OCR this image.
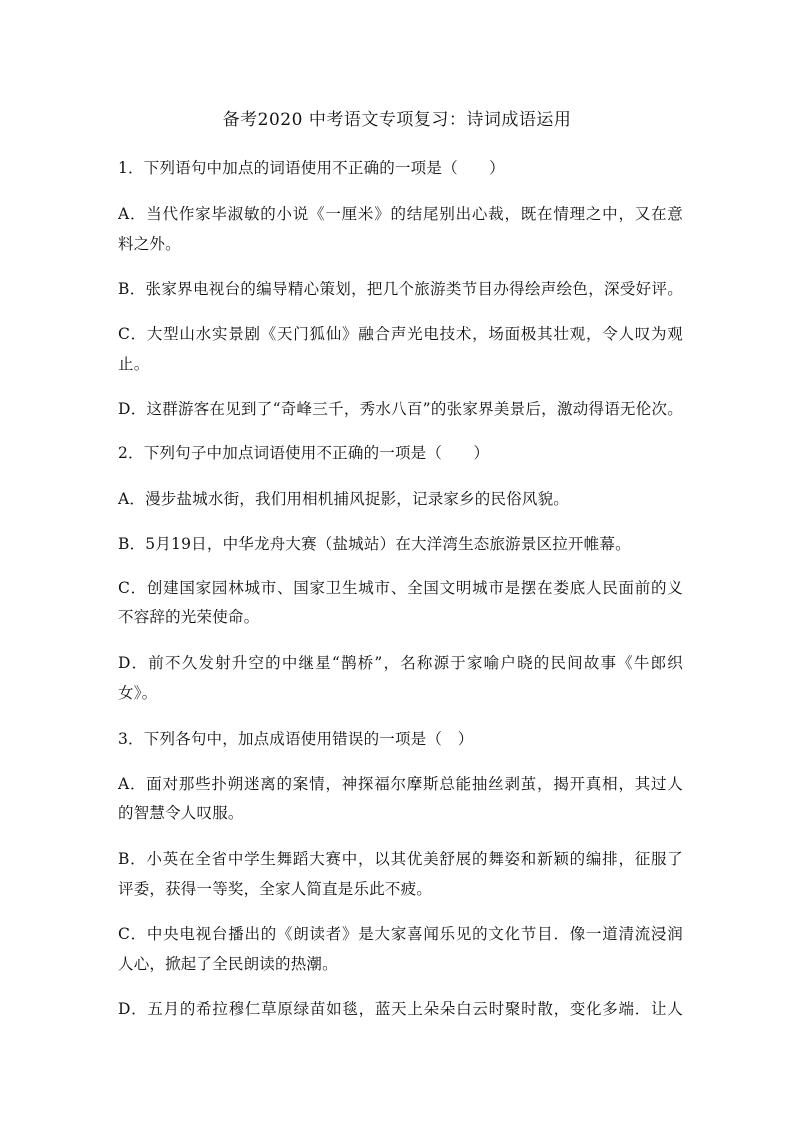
备考2020 中考语文专项复习：诗词成语运用
1．下列语句中加点的词语使用不正确的一项是（　　）
A．当代作家毕淑敏的小说《一厘米》的结尾别出心裁，既在情理之中，又在意
料之外。
B．张家界电视台的编导精心策划，把几个旅游类节目办得绘声绘色，深受好评。
C．大型山水实景剧《天门狐仙》融合声光电技术，场面极其壮观，令人叹为观
止。
D．这群游客在见到了“奇峰三千，秀水八百”的张家界美景后，激动得语无伦次。
2．下列句子中加点词语使用不正确的一项是（　　）
A．漫步盐城水街，我们用相机捕风捉影，记录家乡的民俗风貌。
B．5月19日，中华龙舟大赛（盐城站）在大洋湾生态旅游景区拉开帷幕。
C．创建国家园林城市、国家卫生城市、全国文明城市是摆在娄底人民面前的义
不容辞的光荣使命。
D．前不久发射升空的中继星“鹊桥”，名称源于家喻户晓的民间故事《牛郎织
女》。
3．下列各句中，加点成语使用错误的一项是（　）
A．面对那些扑朔迷离的案情，神探福尔摩斯总能抽丝剥茧，揭开真相，其过人
的智慧令人叹服。
B．小英在全省中学生舞蹈大赛中，以其优美舒展的舞姿和新颖的编排，征服了
评委，获得一等奖，全家人简直是乐此不疲。
C．中央电视台播出的《朗读者》是大家喜闻乐见的文化节目．像一道清流浸润
人心，掀起了全民朗读的热潮。
D．五月的希拉穆仁草原绿苗如毯，蓝天上朵朵白云时聚时散，变化多端．让人
